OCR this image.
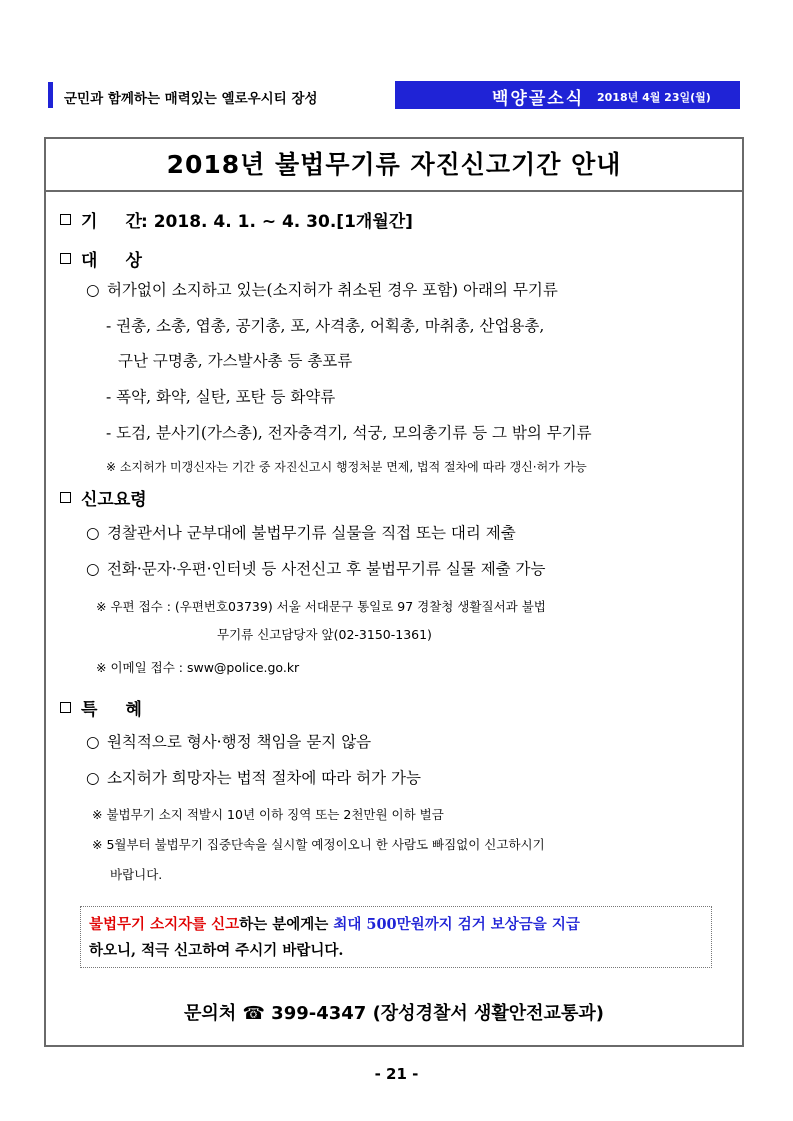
군민과 함께하는 매력있는 옐로우시티 장성	백양골소식 2018년 4월 23일(월)
2018년 불법무기류 자진신고기간 안내
기 간: 2018. 4. 1. ~ 4. 30.[1개월간]
대 상
○ 허가없이 소지하고 있는(소지허가 취소된 경우 포함) 아래의 무기류
- 권총, 소총, 엽총, 공기총, 포, 사격총, 어획총, 마취총, 산업용총,
구난 구명총, 가스발사총 등 총포류
- 폭약, 화약, 실탄, 포탄 등 화약류
- 도검, 분사기(가스총), 전자충격기, 석궁, 모의총기류 등 그 밖의 무기류
※ 소지허가 미갱신자는 기간 중 자진신고시 행정처분 면제, 법적 절차에 따라 갱신·허가 가능
신고요령
○ 경찰관서나 군부대에 불법무기류 실물을 직접 또는 대리 제출
○ 전화·문자·우편·인터넷 등 사전신고 후 불법무기류 실물 제출 가능
※ 우편 접수 : (우편번호03739) 서울 서대문구 통일로 97 경찰청 생활질서과 불법
무기류 신고담당자 앞(02-3150-1361)
※ 이메일 접수 : sww@police.go.kr
특 혜
○ 원칙적으로 형사·행정 책임을 묻지 않음
○ 소지허가 희망자는 법적 절차에 따라 허가 가능
※ 불법무기 소지 적발시 10년 이하 징역 또는 2천만원 이하 벌금
※ 5월부터 불법무기 집중단속을 실시할 예정이오니 한 사람도 빠짐없이 신고하시기
바랍니다.
불법무기 소지자를 신고하는 분에게는 최대 500만원까지 검거 보상금을 지급
하오니, 적극 신고하여 주시기 바랍니다.
문의처 ☎ 399-4347 (장성경찰서 생활안전교통과)
- 21 -
